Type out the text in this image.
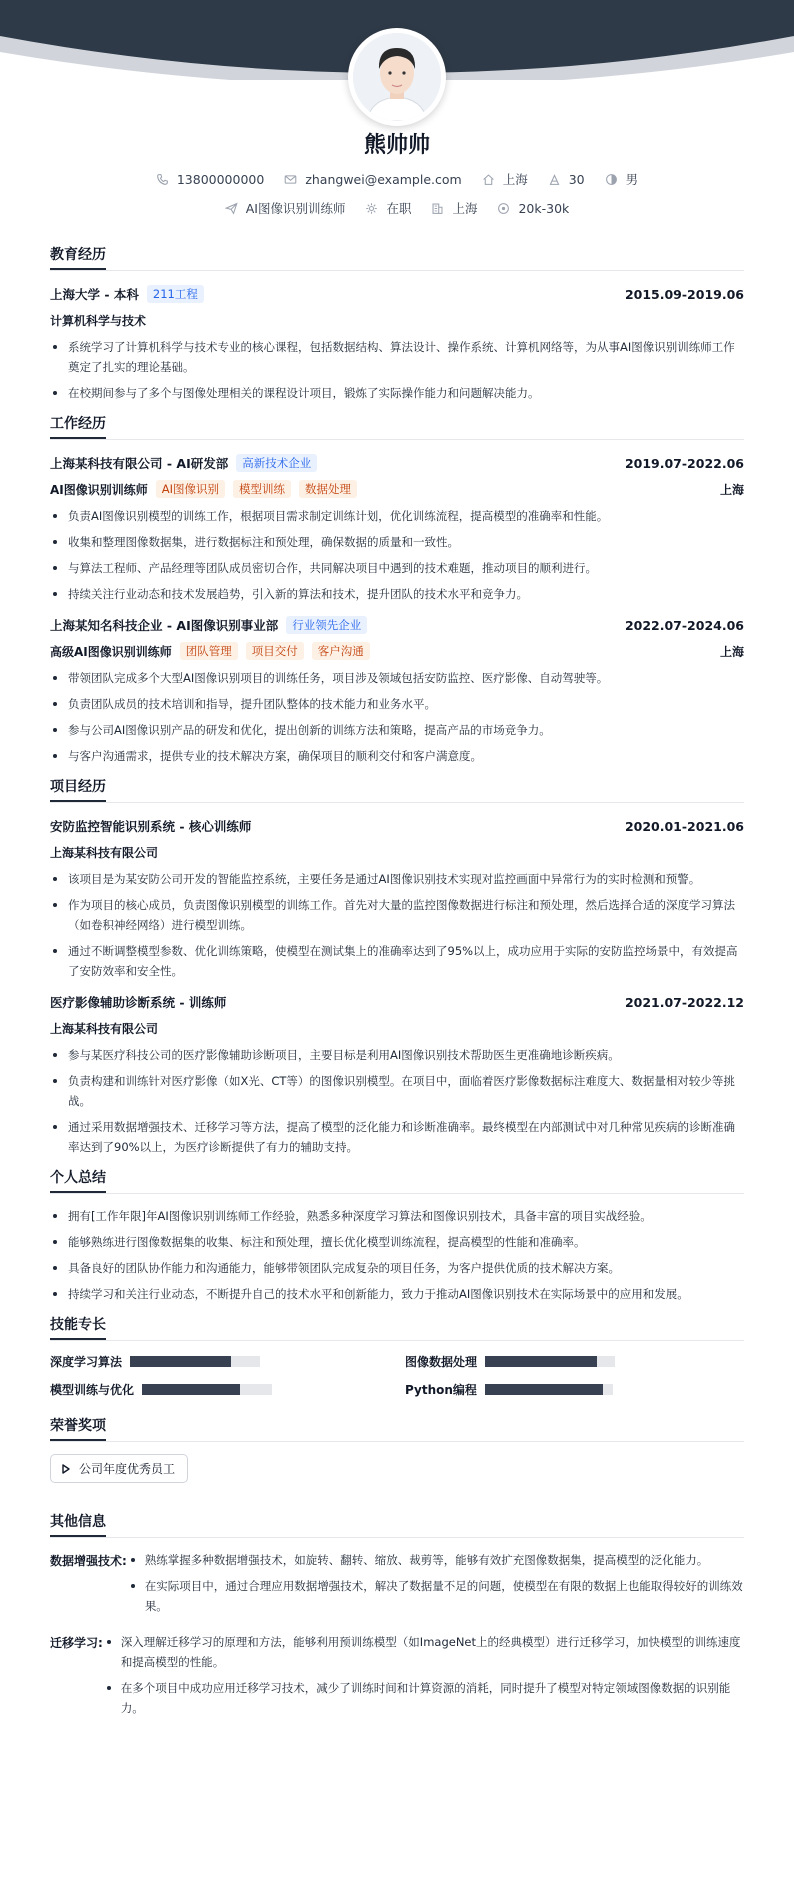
熊帅帅
13800000000	zhangwei@example.com	上海	30	男
AI图像识别训练师	在职	上海	20k-30k
教育经历
上海大学 - 本科	211工程	2015.09-2019.06
计算机科学与技术
系统学习了计算机科学与技术专业的核心课程，包括数据结构、算法设计、操作系统、计算机网络等，为从事AI图像识别训练师工作奠定了扎实的理论基础。
在校期间参与了多个与图像处理相关的课程设计项目，锻炼了实际操作能力和问题解决能力。
工作经历
上海某科技有限公司 - AI研发部	高新技术企业	2019.07-2022.06
AI图像识别训练师	AI图像识别	模型训练	数据处理	上海
负责AI图像识别模型的训练工作，根据项目需求制定训练计划，优化训练流程，提高模型的准确率和性能。
收集和整理图像数据集，进行数据标注和预处理，确保数据的质量和一致性。
与算法工程师、产品经理等团队成员密切合作，共同解决项目中遇到的技术难题，推动项目的顺利进行。
持续关注行业动态和技术发展趋势，引入新的算法和技术，提升团队的技术水平和竞争力。
上海某知名科技企业 - AI图像识别事业部	行业领先企业	2022.07-2024.06
高级AI图像识别训练师	团队管理	项目交付	客户沟通	上海
带领团队完成多个大型AI图像识别项目的训练任务，项目涉及领域包括安防监控、医疗影像、自动驾驶等。
负责团队成员的技术培训和指导，提升团队整体的技术能力和业务水平。
参与公司AI图像识别产品的研发和优化，提出创新的训练方法和策略，提高产品的市场竞争力。
与客户沟通需求，提供专业的技术解决方案，确保项目的顺利交付和客户满意度。
项目经历
安防监控智能识别系统 - 核心训练师	2020.01-2021.06
上海某科技有限公司
该项目是为某安防公司开发的智能监控系统，主要任务是通过AI图像识别技术实现对监控画面中异常行为的实时检测和预警。
作为项目的核心成员，负责图像识别模型的训练工作。首先对大量的监控图像数据进行标注和预处理，然后选择合适的深度学习算法（如卷积神经网络）进行模型训练。
通过不断调整模型参数、优化训练策略，使模型在测试集上的准确率达到了95%以上，成功应用于实际的安防监控场景中，有效提高了安防效率和安全性。
医疗影像辅助诊断系统 - 训练师	2021.07-2022.12
上海某科技有限公司
参与某医疗科技公司的医疗影像辅助诊断项目，主要目标是利用AI图像识别技术帮助医生更准确地诊断疾病。
负责构建和训练针对医疗影像（如X光、CT等）的图像识别模型。在项目中，面临着医疗影像数据标注难度大、数据量相对较少等挑战。
通过采用数据增强技术、迁移学习等方法，提高了模型的泛化能力和诊断准确率。最终模型在内部测试中对几种常见疾病的诊断准确率达到了90%以上，为医疗诊断提供了有力的辅助支持。
个人总结
拥有[工作年限]年AI图像识别训练师工作经验，熟悉多种深度学习算法和图像识别技术，具备丰富的项目实战经验。
能够熟练进行图像数据集的收集、标注和预处理，擅长优化模型训练流程，提高模型的性能和准确率。
具备良好的团队协作能力和沟通能力，能够带领团队完成复杂的项目任务，为客户提供优质的技术解决方案。
持续学习和关注行业动态，不断提升自己的技术水平和创新能力，致力于推动AI图像识别技术在实际场景中的应用和发展。
技能专长
深度学习算法	图像数据处理
模型训练与优化	Python编程
荣誉奖项
公司年度优秀员工
其他信息
数据增强技术:	熟练掌握多种数据增强技术，如旋转、翻转、缩放、裁剪等，能够有效扩充图像数据集，提高模型的泛化能力。
在实际项目中，通过合理应用数据增强技术，解决了数据量不足的问题，使模型在有限的数据上也能取得较好的训练效果。
迁移学习:	深入理解迁移学习的原理和方法，能够利用预训练模型（如ImageNet上的经典模型）进行迁移学习，加快模型的训练速度和提高模型的性能。
在多个项目中成功应用迁移学习技术，减少了训练时间和计算资源的消耗，同时提升了模型对特定领域图像数据的识别能力。
